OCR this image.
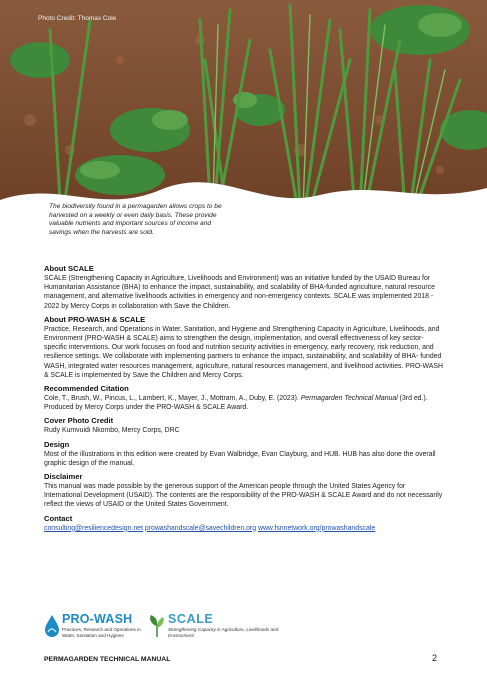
Photo Credit: Thomas Cole
The biodiversity found in a permagarden allows crops to be harvested on a weekly or even daily basis. These provide valuable nutrients and important sources of income and savings when the harvests are sold.
About SCALE
SCALE (Strengthening Capacity in Agriculture, Livelihoods and Environment) was an initiative funded by the USAID Bureau for Humanitarian Assistance (BHA) to enhance the impact, sustainability, and scalability of BHA-funded agriculture, natural resource management, and alternative livelihoods activities in emergency and non-emergency contexts. SCALE was implemented 2018 - 2022 by Mercy Corps in collaboration with Save the Children.
About PRO-WASH & SCALE
Practice, Research, and Operations in Water, Sanitation, and Hygiene and Strengthening Capacity in Agriculture, Livelihoods, and Environment (PRO-WASH & SCALE) aims to strengthen the design, implementation, and overall effectiveness of key sector-specific interventions. Our work focuses on food and nutrition security activities in emergency, early recovery, risk reduction, and resilience settings. We collaborate with implementing partners to enhance the impact, sustainability, and scalability of BHA- funded WASH, integrated water resources management, agriculture, natural resources management, and livelihood activities. PRO-WASH & SCALE is implemented by Save the Children and Mercy Corps.
Recommended Citation
Cole, T., Brush, W., Pincus, L., Lambert, K., Mayer, J., Mottram, A., Duby, E. (2023). Permagarden Technical Manual (3rd ed.). Produced by Mercy Corps under the PRO-WASH & SCALE Award.
Cover Photo Credit
Rudy Kumvuidi Nkombo, Mercy Corps, DRC
Design
Most of the illustrations in this edition were created by Evan Walbridge, Evan Clayburg, and HUB. HUB has also done the overall graphic design of the manual.
Disclaimer
This manual was made possible by the generous support of the American people through the United States Agency for International Development (USAID). The contents are the responsibility of the PRO-WASH & SCALE Award and do not necessarily reflect the views of USAID or the United States Government.
Contact
consulting@resiliencedesign.net prowashandscale@savechildren.org www.fsnnetwork.org/prowashandscale
PRO-WASH
Practices, Research and Operations in Water, Sanitation and Hygiene
SCALE
Strengthening Capacity in Agriculture, Livelihoods and Environment
PERMAGARDEN TECHNICAL MANUAL	2
